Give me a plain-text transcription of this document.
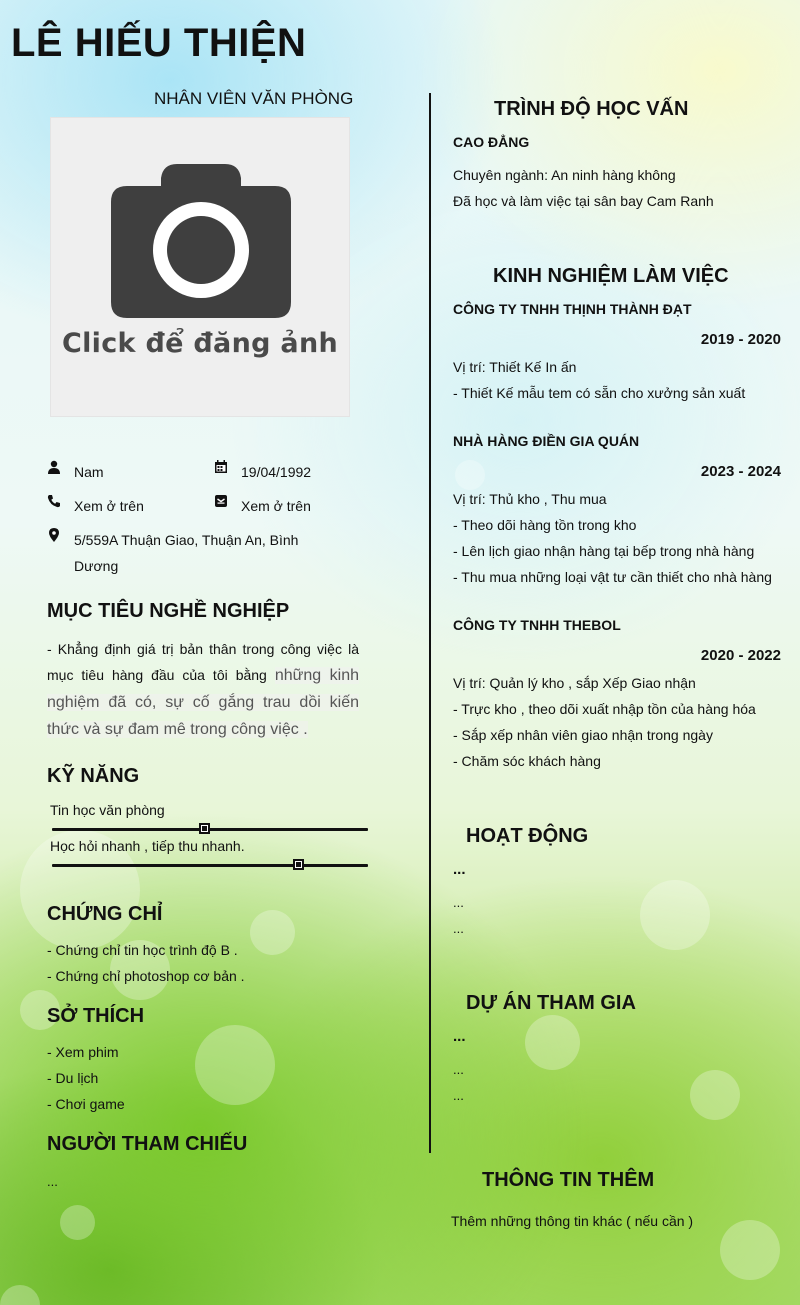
LÊ HIẾU THIỆN
NHÂN VIÊN VĂN PHÒNG
Click để đăng ảnh
Nam	19/04/1992
Xem ở trên	Xem ở trên
5/559A Thuận Giao, Thuận An, Bình
Dương
MỤC TIÊU NGHỀ NGHIỆP
- Khẳng định giá trị bản thân trong công việc là mục tiêu hàng đầu của tôi bằng những kinh nghiệm đã có, sự cố gắng trau dồi kiến thức và sự đam mê trong công việc .
KỸ NĂNG
Tin học văn phòng
Học hỏi nhanh , tiếp thu nhanh.
CHỨNG CHỈ
- Chứng chỉ tin học trình độ B .
- Chứng chỉ photoshop cơ bản .
SỞ THÍCH
- Xem phim
- Du lịch
- Chơi game
NGƯỜI THAM CHIẾU
...
TRÌNH ĐỘ HỌC VẤN
CAO ĐẲNG
Chuyên ngành: An ninh hàng không
Đã học và làm việc tại sân bay Cam Ranh
KINH NGHIỆM LÀM VIỆC
CÔNG TY TNHH THỊNH THÀNH ĐẠT
2019 - 2020
Vị trí: Thiết Kế In ấn
- Thiết Kế mẫu tem có sẵn cho xưởng sản xuất
NHÀ HÀNG ĐIỀN GIA QUÁN
2023 - 2024
Vị trí: Thủ kho , Thu mua
- Theo dõi hàng tồn trong kho
- Lên lịch giao nhận hàng tại bếp trong nhà hàng
- Thu mua những loại vật tư cần thiết cho nhà hàng
CÔNG TY TNHH THEBOL
2020 - 2022
Vị trí: Quản lý kho , sắp Xếp Giao nhận
- Trực kho , theo dõi xuất nhập tồn của hàng hóa
- Sắp xếp nhân viên giao nhận trong ngày
- Chăm sóc khách hàng
HOẠT ĐỘNG
...
...
...
DỰ ÁN THAM GIA
...
...
...
THÔNG TIN THÊM
Thêm những thông tin khác ( nếu cần )
